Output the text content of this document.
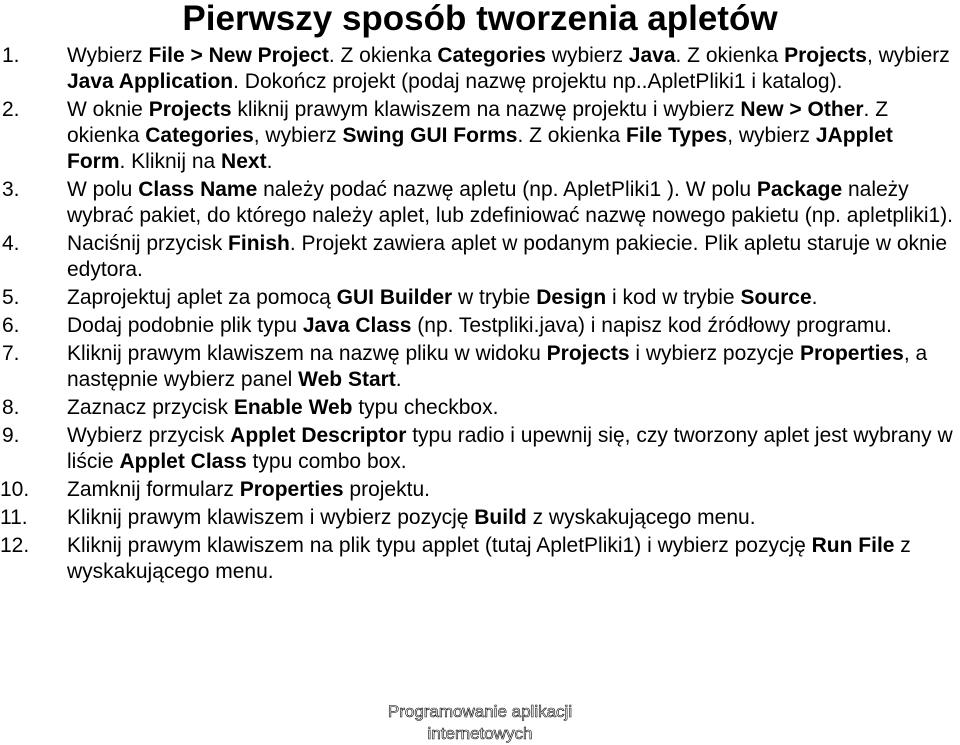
Pierwszy sposób tworzenia apletów
1.	Wybierz File > New Project. Z okienka Categories wybierz Java. Z okienka Projects, wybierz Java Application. Dokończ projekt (podaj nazwę projektu np..ApletPliki1 i katalog).
2.	W oknie Projects kliknij prawym klawiszem na nazwę projektu i wybierz New > Other. Z okienka Categories, wybierz Swing GUI Forms. Z okienka File Types, wybierz JApplet Form. Kliknij na Next.
3.	W polu Class Name należy podać nazwę apletu (np. ApletPliki1 ). W polu Package należy wybrać pakiet, do którego należy aplet, lub zdefiniować nazwę nowego pakietu (np. apletpliki1).
4.	Naciśnij przycisk Finish. Projekt zawiera aplet w podanym pakiecie. Plik apletu staruje w oknie edytora.
5.	Zaprojektuj aplet za pomocą GUI Builder w trybie Design i kod w trybie Source.
6.	Dodaj podobnie plik typu Java Class (np. Testpliki.java) i napisz kod źródłowy programu.
7.	Kliknij prawym klawiszem na nazwę pliku w widoku Projects i wybierz pozycje Properties, a następnie wybierz panel Web Start.
8.	Zaznacz przycisk Enable Web typu checkbox.
9.	Wybierz przycisk Applet Descriptor typu radio i upewnij się, czy tworzony aplet jest wybrany w liście Applet Class typu combo box.
10.	Zamknij formularz Properties projektu.
11.	Kliknij prawym klawiszem i wybierz pozycję Build z wyskakującego menu.
12.	Kliknij prawym klawiszem na plik typu applet (tutaj ApletPliki1) i wybierz pozycję Run File z wyskakującego menu.
Programowanie aplikacji
internetowych
